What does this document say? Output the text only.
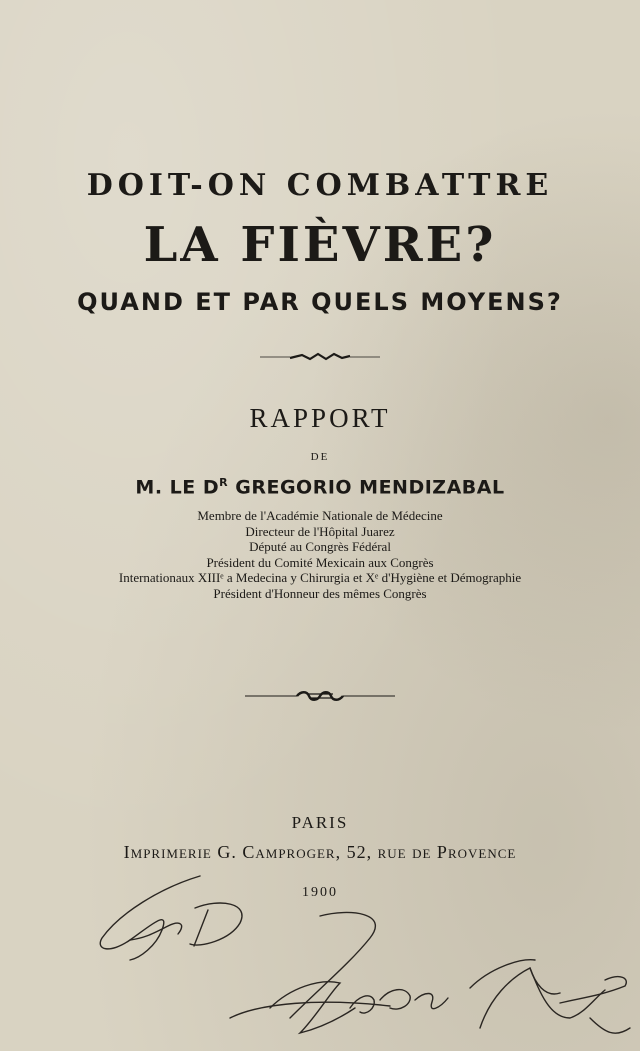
DOIT-ON COMBATTRE
LA FIÈVRE?
QUAND ET PAR QUELS MOYENS?
RAPPORT
DE
M. LE $D^R$ GREGORIO MENDIZABAL
Membre de l'Académie Nationale de Médecine
Directeur de l'Hôpital Juarez
Député au Congrès Fédéral
Président du Comité Mexicain aux Congrès
Internationaux XIIIᵉ a Medecina y Chirurgia et Xᵉ d'Hygiène et Démographie
Président d'Honneur des mêmes Congrès
PARIS
Imprimerie G. Camproger, 52, rue de Provence
1900
